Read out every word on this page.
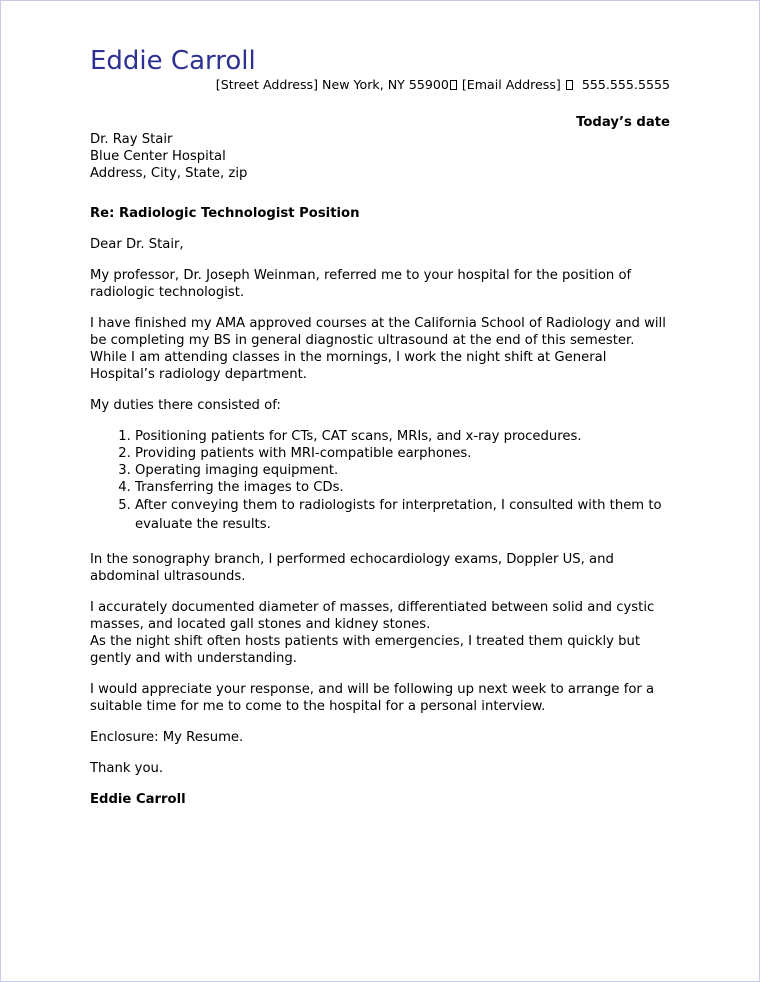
Eddie Carroll
[Street Address] New York, NY 55900 [Email Address] 555.555.5555
Today’s date
Dr. Ray Stair
Blue Center Hospital
Address, City, State, zip
Re: Radiologic Technologist Position

Dear Dr. Stair,

My professor, Dr. Joseph Weinman, referred me to your hospital for the position of radiologic technologist.

I have finished my AMA approved courses at the California School of Radiology and will be completing my BS in general diagnostic ultrasound at the end of this semester. While I am attending classes in the mornings, I work the night shift at General Hospital’s radiology department.

My duties there consisted of:

1. Positioning patients for CTs, CAT scans, MRIs, and x-ray procedures.
2. Providing patients with MRI-compatible earphones.
3. Operating imaging equipment.
4. Transferring the images to CDs.
5. After conveying them to radiologists for interpretation, I consulted with them to evaluate the results.

In the sonography branch, I performed echocardiology exams, Doppler US, and abdominal ultrasounds.

I accurately documented diameter of masses, differentiated between solid and cystic masses, and located gall stones and kidney stones.

As the night shift often hosts patients with emergencies, I treated them quickly but gently and with understanding.

I would appreciate your response, and will be following up next week to arrange for a suitable time for me to come to the hospital for a personal interview.

Enclosure: My Resume.

Thank you.

Eddie Carroll
